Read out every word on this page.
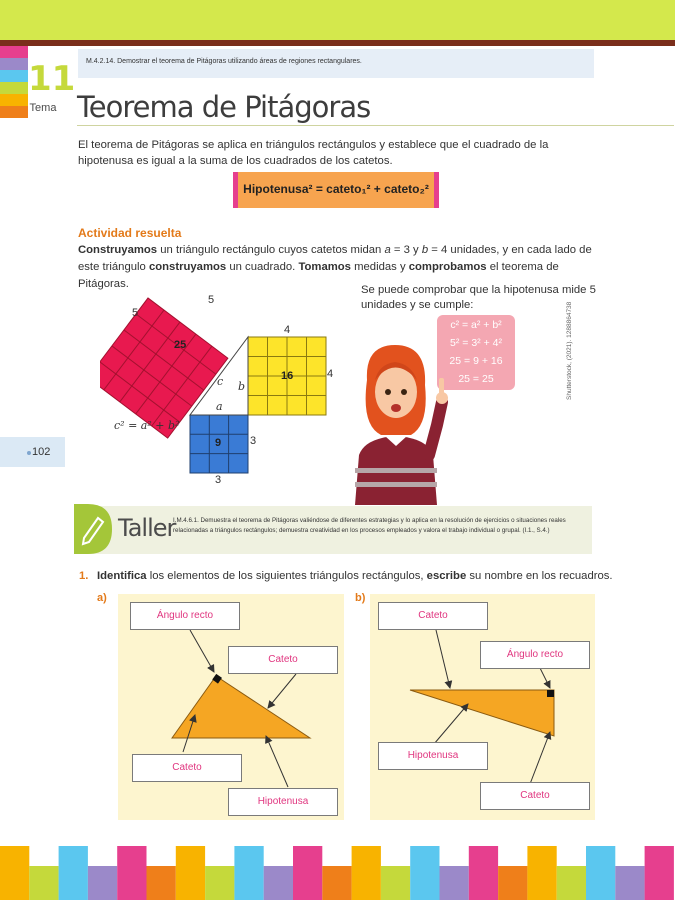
11
Tema
M.4.2.14. Demostrar el teorema de Pitágoras utilizando áreas de regiones rectangulares.
Teorema de Pitágoras
El teorema de Pitágoras se aplica en triángulos rectángulos y establece que el cuadrado de la hipotenusa es igual a la suma de los cuadrados de los catetos.
Hipotenusa² = cateto₁² + cateto₂²
Actividad resuelta
Construyamos un triángulo rectángulo cuyos catetos midan a = 3 y b = 4 unidades, y en cada lado de este triángulo construyamos un cuadrado. Tomamos medidas y comprobamos el teorema de Pitágoras.
5
5
25
4
4
16
3
3
9
c b
a
c² = a² + b²
Se puede comprobar que la hipotenusa mide 5 unidades y se cumple:
c² = a² + b²
5² = 3² + 4²
25 = 9 + 16
25 = 25	Shutterstock, (2021). 1288864738
102
Taller
I.M.4.6.1. Demuestra el teorema de Pitágoras valiéndose de diferentes estrategias y lo aplica en la resolución de ejercicios o situaciones reales relacionadas a triángulos rectángulos; demuestra creatividad en los procesos empleados y valora el trabajo individual o grupal. (I.1., S.4.)
1. Identifica los elementos de los siguientes triángulos rectángulos, escribe su nombre en los recuadros.
a)	b)
Ángulo recto
Cateto
Cateto
Hipotenusa
Cateto
Ángulo recto
Hipotenusa
Cateto
